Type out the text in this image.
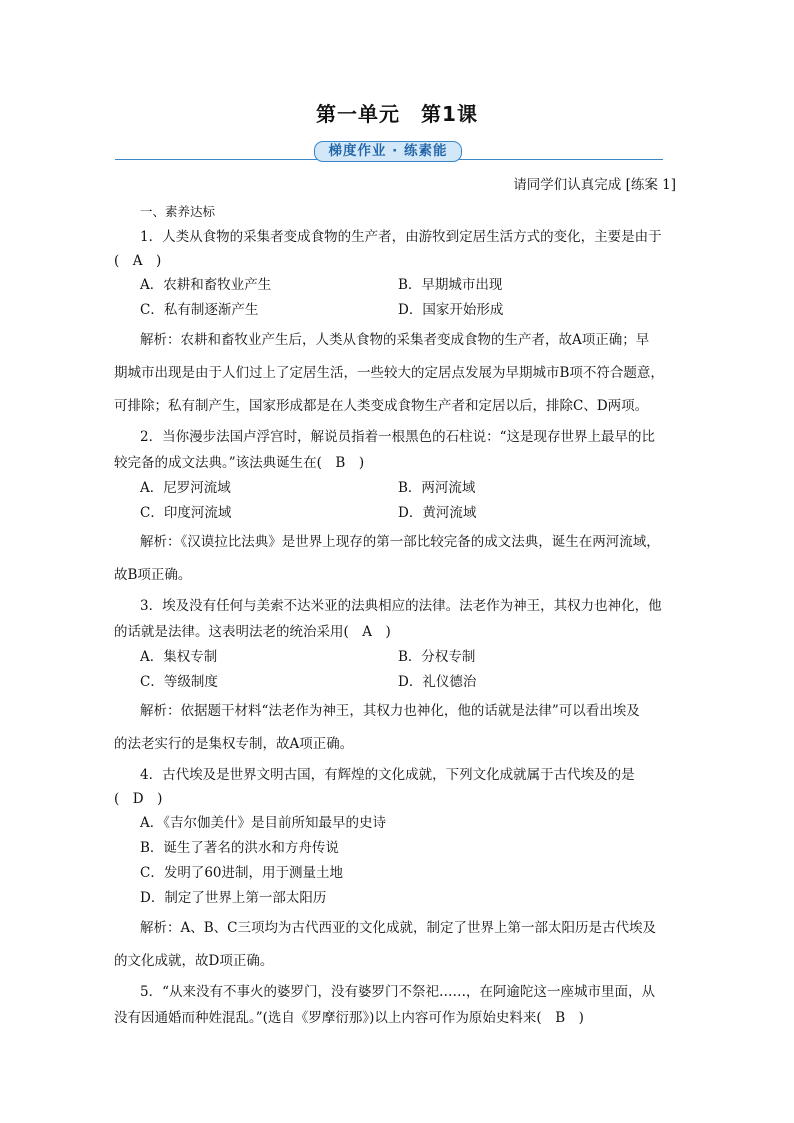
第一单元　第1课
梯度作业 · 练素能
请同学们认真完成 [练案 1]
一、素养达标
1．人类从食物的采集者变成食物的生产者，由游牧到定居生活方式的变化，主要是由于
(　A　)
A．农耕和畜牧业产生	B．早期城市出现
C．私有制逐渐产生	D．国家开始形成
解析：农耕和畜牧业产生后，人类从食物的采集者变成食物的生产者，故A项正确；早
期城市出现是由于人们过上了定居生活，一些较大的定居点发展为早期城市B项不符合题意，
可排除；私有制产生，国家形成都是在人类变成食物生产者和定居以后，排除C、D两项。
2．当你漫步法国卢浮宫时，解说员指着一根黑色的石柱说：“这是现存世界上最早的比
较完备的成文法典。”该法典诞生在(　B　)
A．尼罗河流域	B．两河流域
C．印度河流域	D．黄河流域
解析：《汉谟拉比法典》是世界上现存的第一部比较完备的成文法典，诞生在两河流域，
故B项正确。
3．埃及没有任何与美索不达米亚的法典相应的法律。法老作为神王，其权力也神化，他
的话就是法律。这表明法老的统治采用(　A　)
A．集权专制	B．分权专制
C．等级制度	D．礼仪德治
解析：依据题干材料“法老作为神王，其权力也神化，他的话就是法律”可以看出埃及
的法老实行的是集权专制，故A项正确。
4．古代埃及是世界文明古国，有辉煌的文化成就，下列文化成就属于古代埃及的是
(　D　)
A．《吉尔伽美什》是目前所知最早的史诗
B．诞生了著名的洪水和方舟传说
C．发明了60进制，用于测量土地
D．制定了世界上第一部太阳历
解析：A、B、C三项均为古代西亚的文化成就，制定了世界上第一部太阳历是古代埃及
的文化成就，故D项正确。
5．“从来没有不事火的婆罗门，没有婆罗门不祭祀……，在阿逾陀这一座城市里面，从
没有因通婚而种姓混乱。”(选自《罗摩衍那》)以上内容可作为原始史料来(　B　)
